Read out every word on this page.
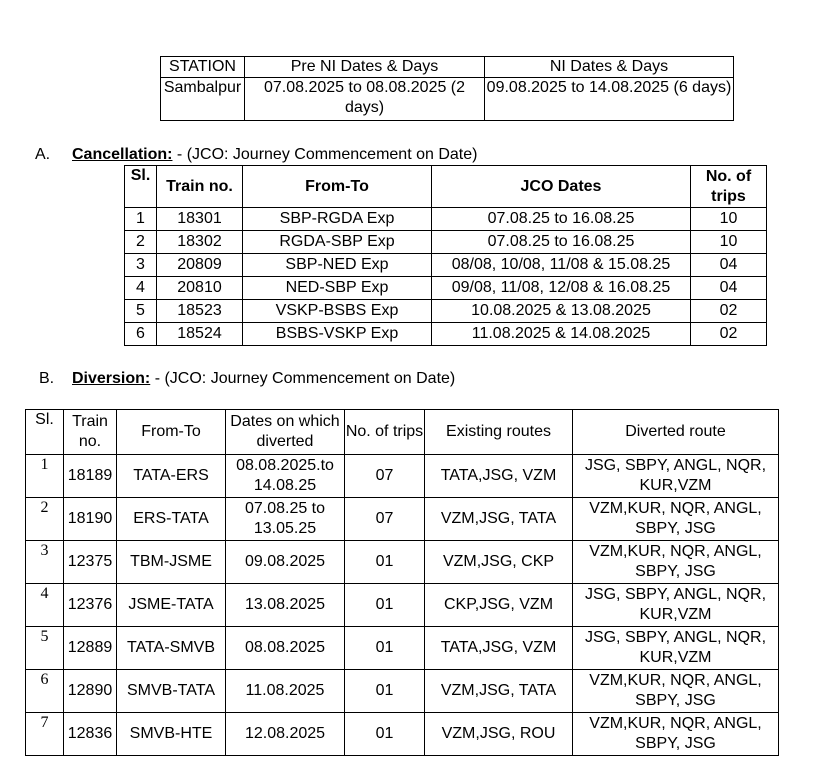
STATION	Pre NI Dates & Days	NI Dates & Days
Sambalpur	07.08.2025 to 08.08.2025 (2 days)	09.08.2025 to 14.08.2025 (6 days)
A. Cancellation: - (JCO: Journey Commencement on Date)
Sl.	Train no.	From-To	JCO Dates	No. of trips
1	18301	SBP-RGDA Exp	07.08.25 to 16.08.25	10
2	18302	RGDA-SBP Exp	07.08.25 to 16.08.25	10
3	20809	SBP-NED Exp	08/08, 10/08, 11/08 & 15.08.25	04
4	20810	NED-SBP Exp	09/08, 11/08, 12/08 & 16.08.25	04
5	18523	VSKP-BSBS Exp	10.08.2025 & 13.08.2025	02
6	18524	BSBS-VSKP Exp	11.08.2025 & 14.08.2025	02
B. Diversion: - (JCO: Journey Commencement on Date)
Sl.	Train no.	From-To	Dates on which diverted	No. of trips	Existing routes	Diverted route
1	18189	TATA-ERS	08.08.2025.to 14.08.25	07	TATA,JSG, VZM	JSG, SBPY, ANGL, NQR, KUR,VZM
2	18190	ERS-TATA	07.08.25 to 13.05.25	07	VZM,JSG, TATA	VZM,KUR, NQR, ANGL, SBPY, JSG
3	12375	TBM-JSME	09.08.2025	01	VZM,JSG, CKP	VZM,KUR, NQR, ANGL, SBPY, JSG
4	12376	JSME-TATA	13.08.2025	01	CKP,JSG, VZM	JSG, SBPY, ANGL, NQR, KUR,VZM
5	12889	TATA-SMVB	08.08.2025	01	TATA,JSG, VZM	JSG, SBPY, ANGL, NQR, KUR,VZM
6	12890	SMVB-TATA	11.08.2025	01	VZM,JSG, TATA	VZM,KUR, NQR, ANGL, SBPY, JSG
7	12836	SMVB-HTE	12.08.2025	01	VZM,JSG, ROU	VZM,KUR, NQR, ANGL, SBPY, JSG
